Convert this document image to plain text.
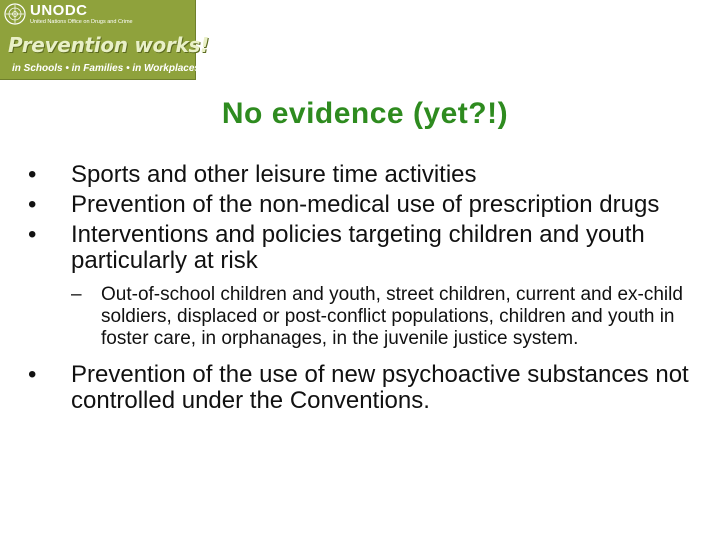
UNODC
United Nations Office on Drugs and Crime
Prevention works!
in Schools • in Families • in Workplaces
No evidence (yet?!)
• Sports and other leisure time activities
• Prevention of the non-medical use of prescription drugs
• Interventions and policies targeting children and youth particularly at risk
– Out-of-school children and youth, street children, current and ex-child soldiers, displaced or post-conflict populations, children and youth in foster care, in orphanages, in the juvenile justice system.
• Prevention of the use of new psychoactive substances not controlled under the Conventions.
